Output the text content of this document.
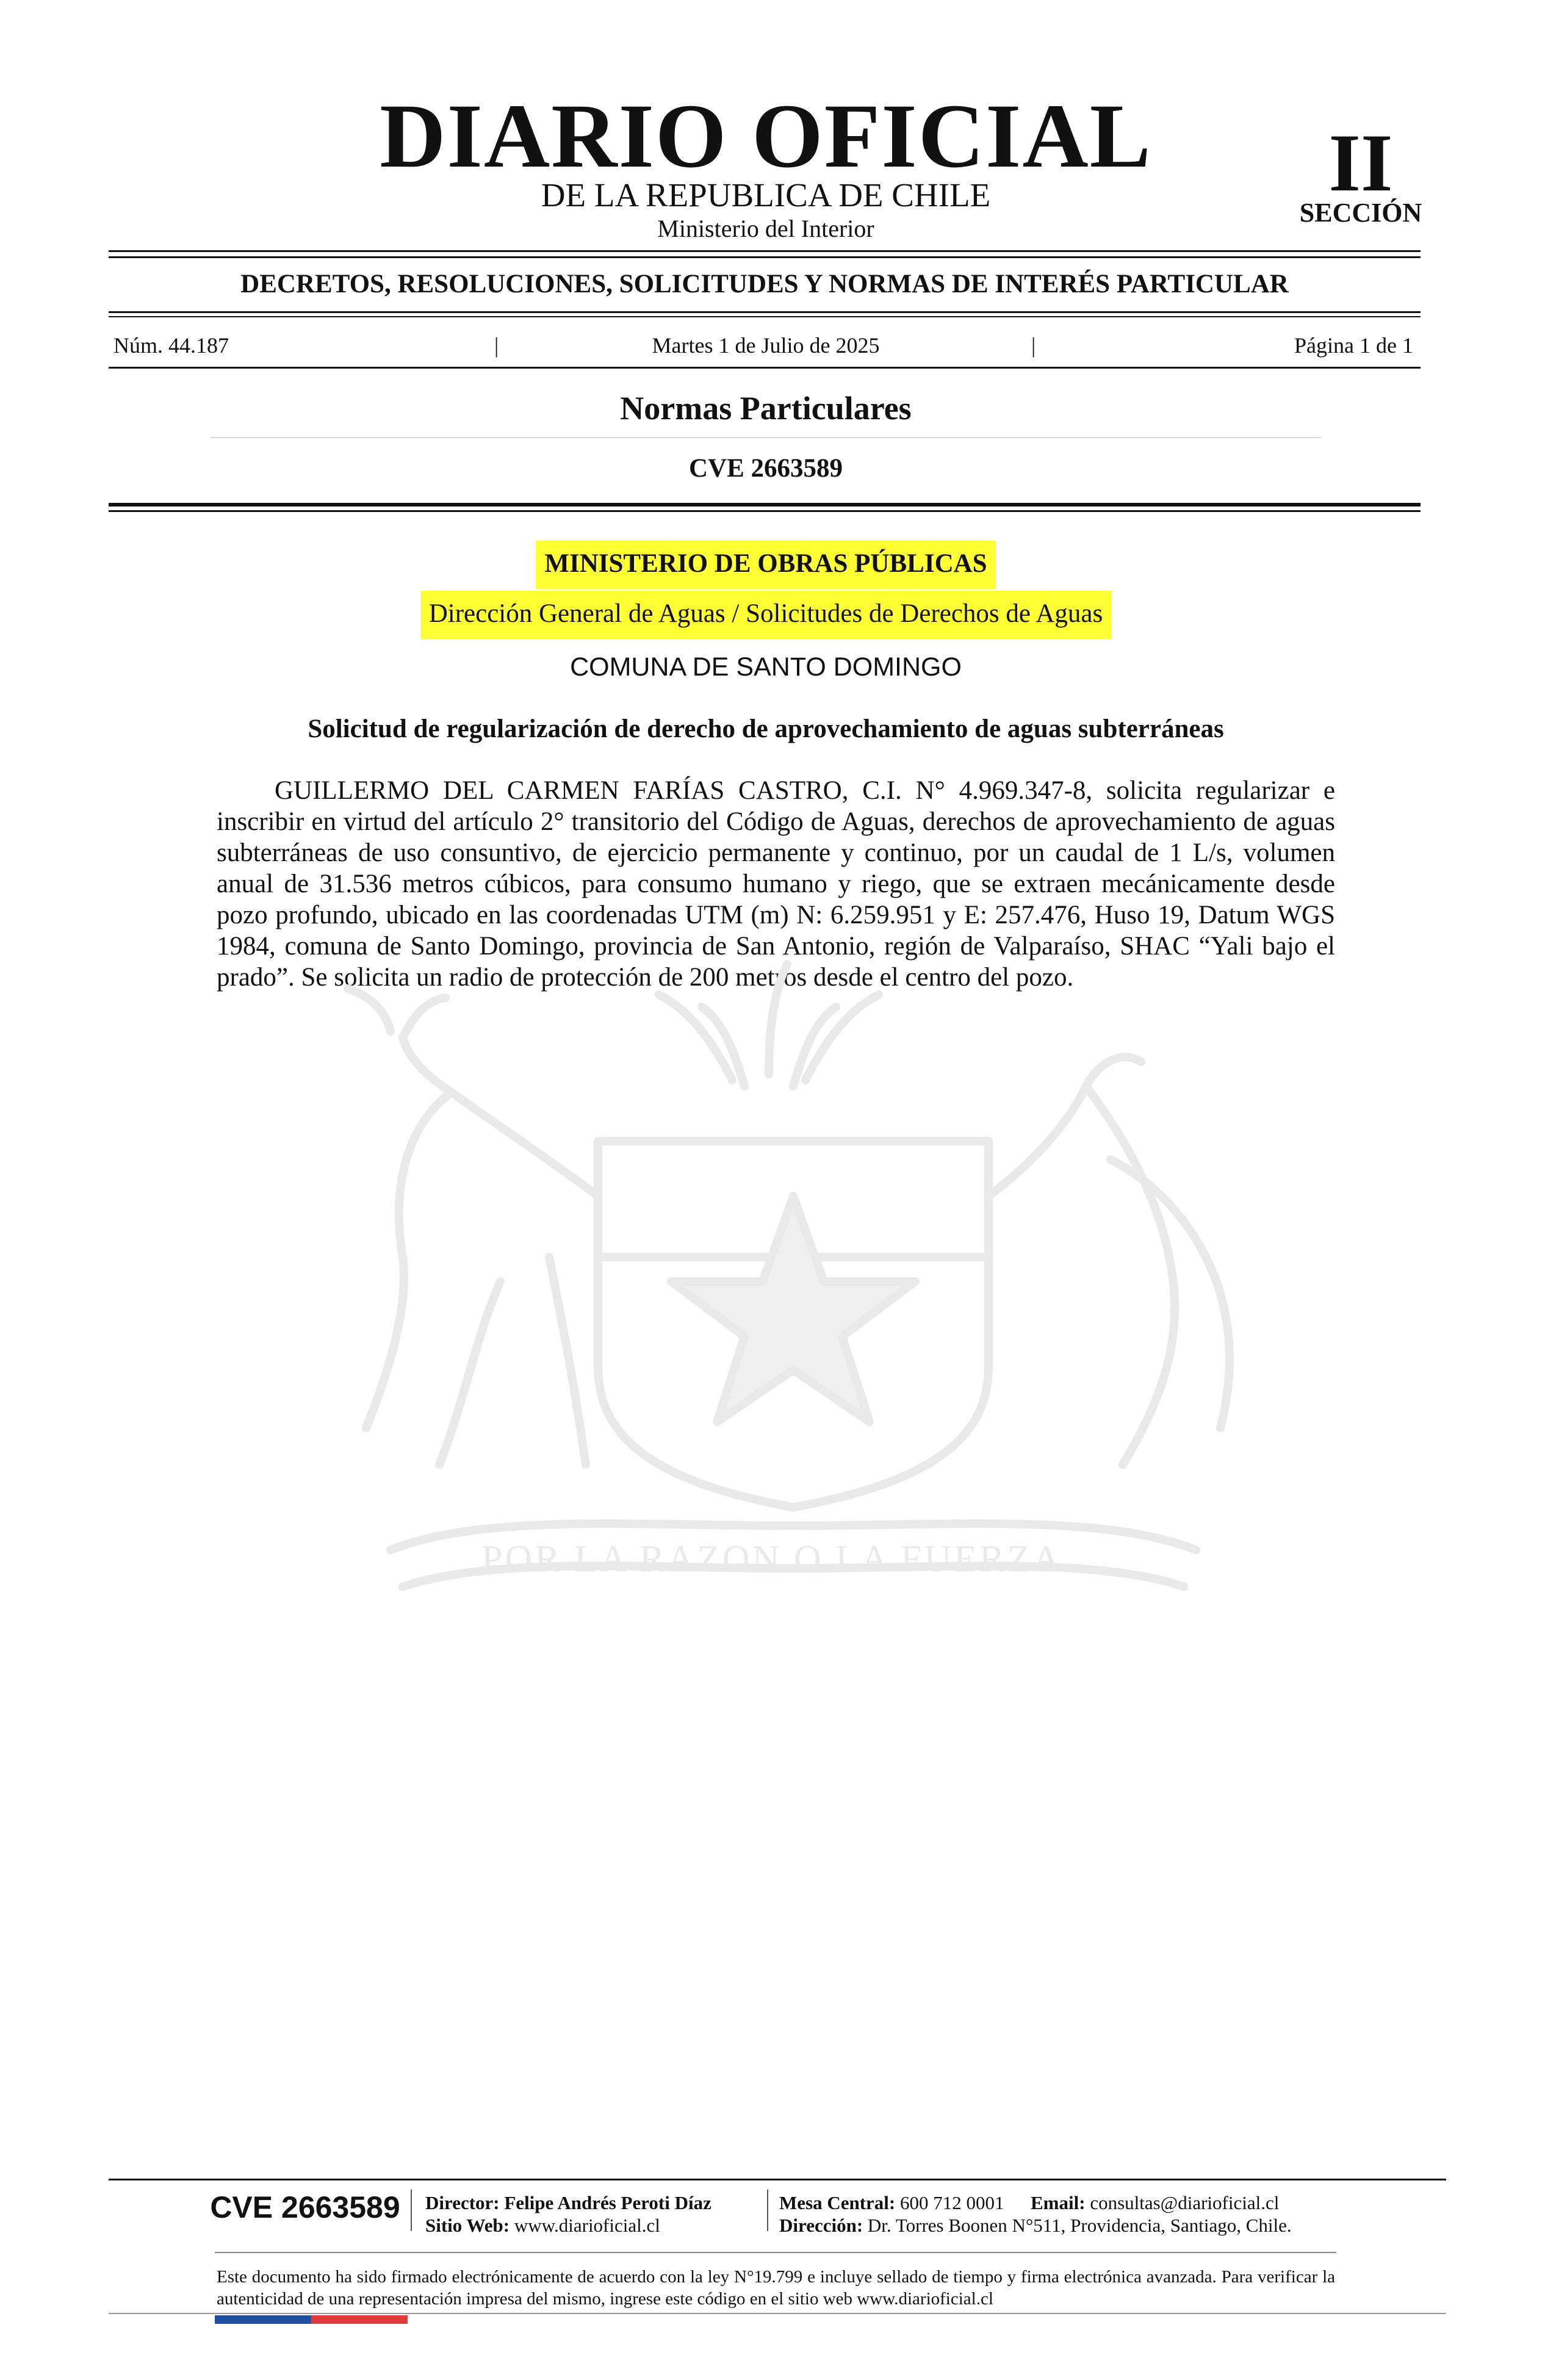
DIARIO OFICIAL
DE LA REPUBLICA DE CHILE
Ministerio del Interior
II
SECCIÓN
DECRETOS, RESOLUCIONES, SOLICITUDES Y NORMAS DE INTERÉS PARTICULAR
Núm. 44.187	|	Martes 1 de Julio de 2025	|	Página 1 de 1
Normas Particulares
CVE 2663589
MINISTERIO DE OBRAS PÚBLICAS
Dirección General de Aguas / Solicitudes de Derechos de Aguas
COMUNA DE SANTO DOMINGO
Solicitud de regularización de derecho de aprovechamiento de aguas subterráneas
GUILLERMO DEL CARMEN FARÍAS CASTRO, C.I. N° 4.969.347-8, solicita regularizar e inscribir en virtud del artículo 2° transitorio del Código de Aguas, derechos de aprovechamiento de aguas subterráneas de uso consuntivo, de ejercicio permanente y continuo, por un caudal de 1 L/s, volumen anual de 31.536 metros cúbicos, para consumo humano y riego, que se extraen mecánicamente desde pozo profundo, ubicado en las coordenadas UTM (m) N: 6.259.951 y E: 257.476, Huso 19, Datum WGS 1984, comuna de Santo Domingo, provincia de San Antonio, región de Valparaíso, SHAC “Yali bajo el prado”. Se solicita un radio de protección de 200 metros desde el centro del pozo.
POR LA RAZON O LA FUERZA
CVE 2663589 Director: Felipe Andrés Peroti Díaz
Sitio Web: www.diarioficial.cl
Mesa Central: 600 712 0001 Email: consultas@diarioficial.cl
Dirección: Dr. Torres Boonen N°511, Providencia, Santiago, Chile.
Este documento ha sido firmado electrónicamente de acuerdo con la ley N°19.799 e incluye sellado de tiempo y firma electrónica avanzada. Para verificar la autenticidad de una representación impresa del mismo, ingrese este código en el sitio web www.diarioficial.cl
